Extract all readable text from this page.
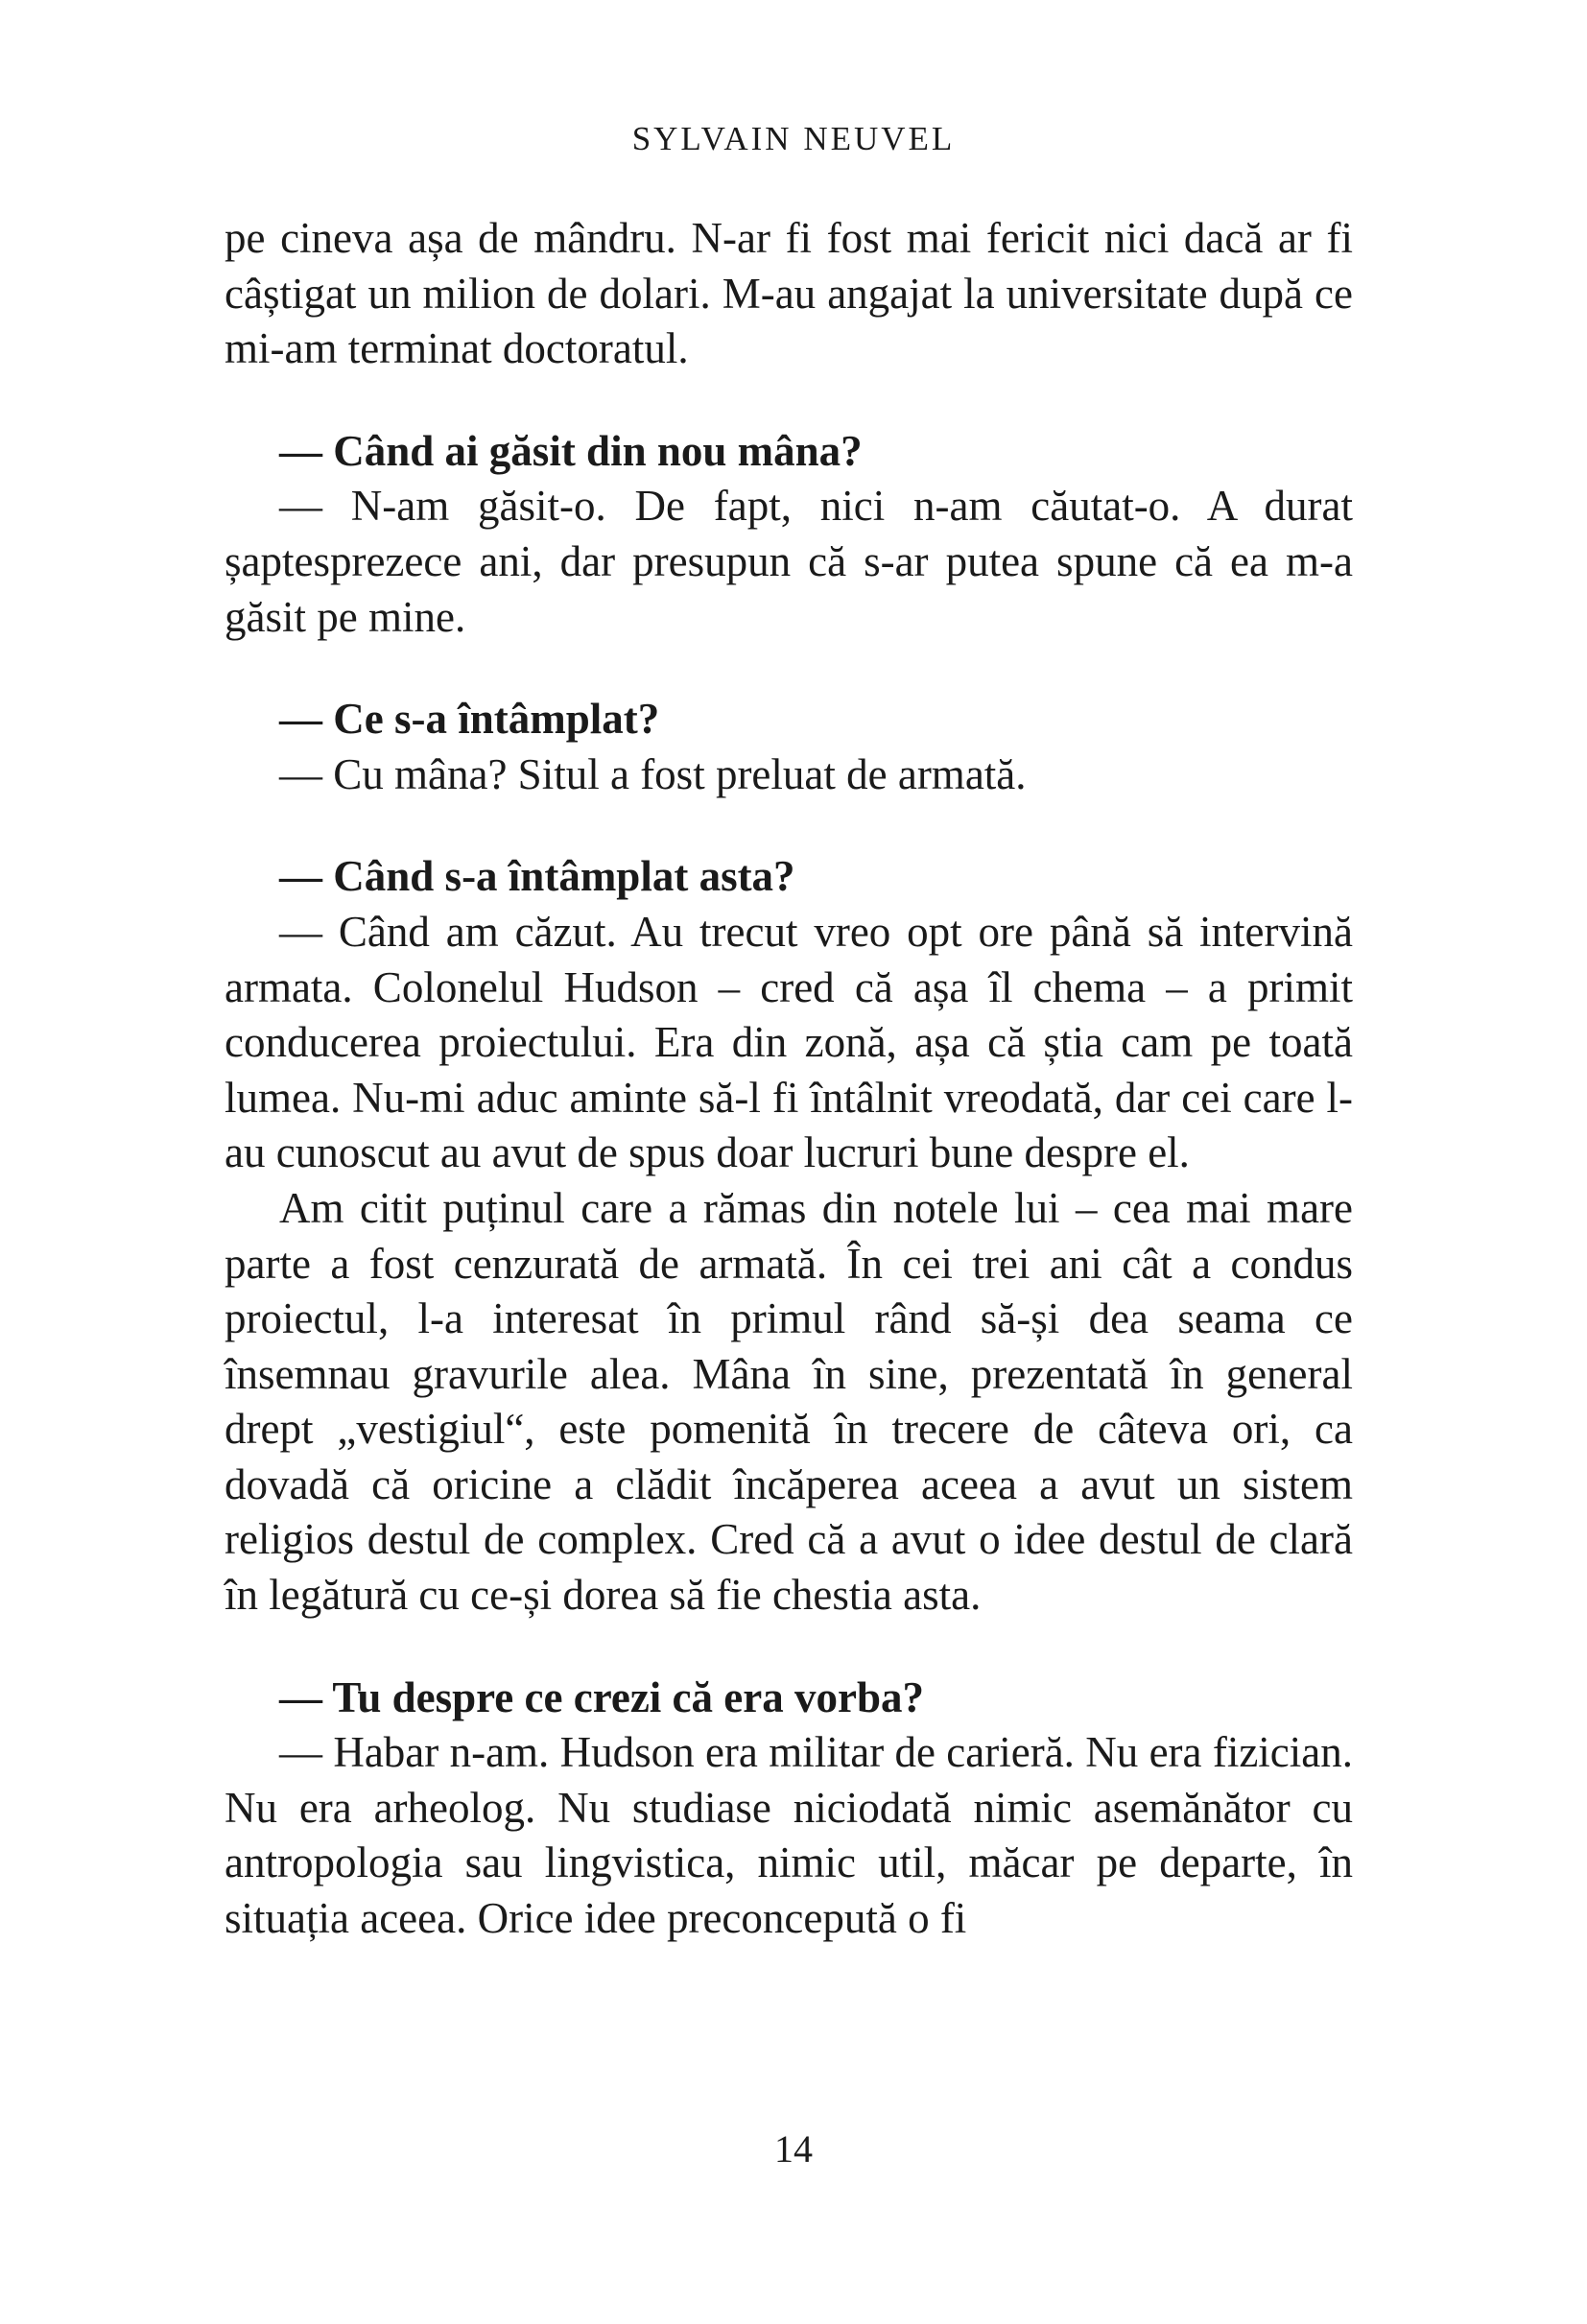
SYLVAIN NEUVEL

pe cineva așa de mândru. N-ar fi fost mai fericit nici dacă ar fi câștigat un milion de dolari. M-au angajat la universitate după ce mi-am terminat doctoratul.

— Când ai găsit din nou mâna?

— N-am găsit-o. De fapt, nici n-am căutat-o. A durat șaptesprezece ani, dar presupun că s-ar putea spune că ea m-a găsit pe mine.

— Ce s-a întâmplat?

— Cu mâna? Situl a fost preluat de armată.

— Când s-a întâmplat asta?

— Când am căzut. Au trecut vreo opt ore până să intervină armata. Colonelul Hudson – cred că așa îl chema – a primit conducerea proiectului. Era din zonă, așa că știa cam pe toată lumea. Nu-mi aduc aminte să-l fi întâlnit vreodată, dar cei care l-au cunoscut au avut de spus doar lucruri bune despre el.

Am citit puținul care a rămas din notele lui – cea mai mare parte a fost cenzurată de armată. În cei trei ani cât a condus proiectul, l-a interesat în primul rând să-și dea seama ce însemnau gravurile alea. Mâna în sine, prezentată în general drept „vestigiul“, este pomenită în trecere de câteva ori, ca dovadă că oricine a clădit încăperea aceea a avut un sistem religios destul de complex. Cred că a avut o idee destul de clară în legătură cu ce-și dorea să fie chestia asta.

— Tu despre ce crezi că era vorba?

— Habar n-am. Hudson era militar de carieră. Nu era fizician. Nu era arheolog. Nu studiase niciodată nimic asemănător cu antropologia sau lingvistica, nimic util, măcar pe departe, în situația aceea. Orice idee preconcepută o fi

14
